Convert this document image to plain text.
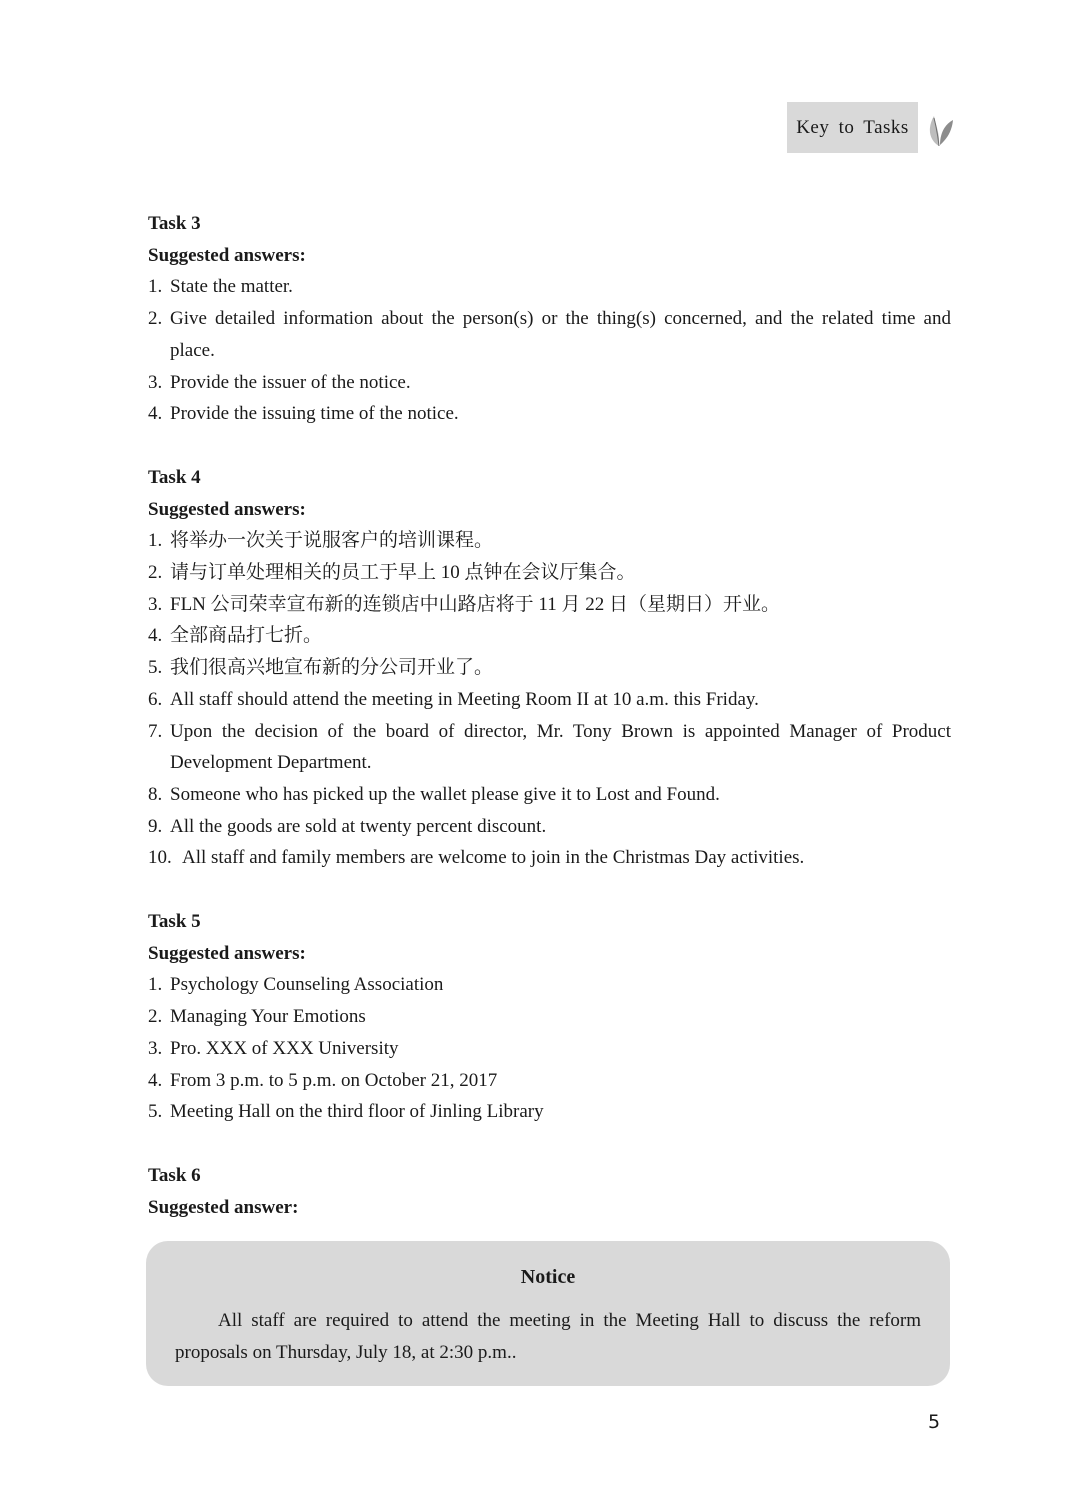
Key to Tasks
Task 3
Suggested answers:
1. State the matter.
2. Give detailed information about the person(s) or the thing(s) concerned, and the related time and place.
3. Provide the issuer of the notice.
4. Provide the issuing time of the notice.
Task 4
Suggested answers:
1. 将举办一次关于说服客户的培训课程。
2. 请与订单处理相关的员工于早上 10 点钟在会议厅集合。
3. FLN 公司荣幸宣布新的连锁店中山路店将于 11 月 22 日（星期日）开业。
4. 全部商品打七折。
5. 我们很高兴地宣布新的分公司开业了。
6. All staff should attend the meeting in Meeting Room II at 10 a.m. this Friday.
7. Upon the decision of the board of director, Mr. Tony Brown is appointed Manager of Product Development Department.
8. Someone who has picked up the wallet please give it to Lost and Found.
9. All the goods are sold at twenty percent discount.
10. All staff and family members are welcome to join in the Christmas Day activities.
Task 5
Suggested answers:
1. Psychology Counseling Association
2. Managing Your Emotions
3. Pro. XXX of XXX University
4. From 3 p.m. to 5 p.m. on October 21, 2017
5. Meeting Hall on the third floor of Jinling Library
Task 6
Suggested answer:
Notice
All staff are required to attend the meeting in the Meeting Hall to discuss the reform proposals on Thursday, July 18, at 2:30 p.m..
5
